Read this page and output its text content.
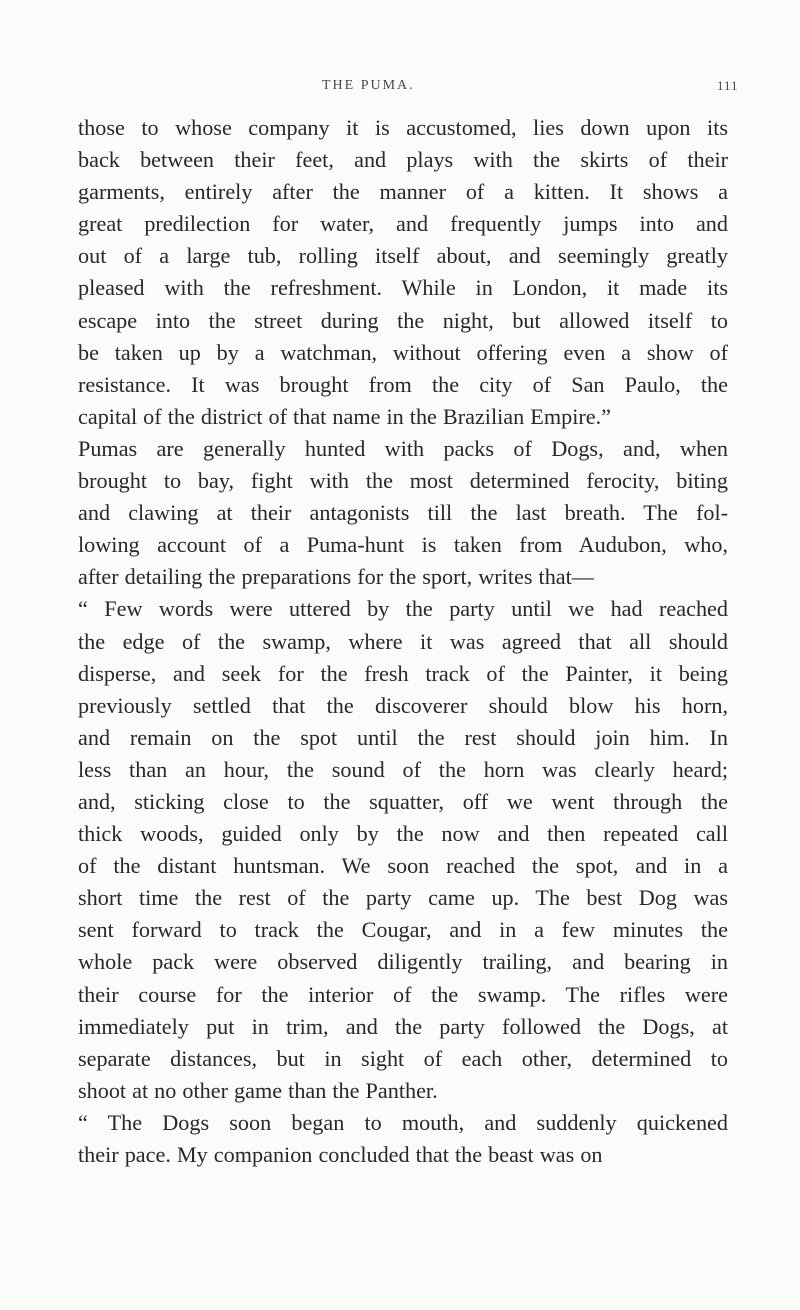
THE PUMA.	111
those to whose company it is accustomed, lies down upon its
back between their feet, and plays with the skirts of their
garments, entirely after the manner of a kitten. It shows a
great predilection for water, and frequently jumps into and
out of a large tub, rolling itself about, and seemingly greatly
pleased with the refreshment. While in London, it made its
escape into the street during the night, but allowed itself to
be taken up by a watchman, without offering even a show of
resistance. It was brought from the city of San Paulo, the
capital of the district of that name in the Brazilian Empire.”
Pumas are generally hunted with packs of Dogs, and, when
brought to bay, fight with the most determined ferocity, biting
and clawing at their antagonists till the last breath. The fol-
lowing account of a Puma-hunt is taken from Audubon, who,
after detailing the preparations for the sport, writes that—
“ Few words were uttered by the party until we had reached
the edge of the swamp, where it was agreed that all should
disperse, and seek for the fresh track of the Painter, it being
previously settled that the discoverer should blow his horn,
and remain on the spot until the rest should join him. In
less than an hour, the sound of the horn was clearly heard;
and, sticking close to the squatter, off we went through the
thick woods, guided only by the now and then repeated call
of the distant huntsman. We soon reached the spot, and in a
short time the rest of the party came up. The best Dog was
sent forward to track the Cougar, and in a few minutes the
whole pack were observed diligently trailing, and bearing in
their course for the interior of the swamp. The rifles were
immediately put in trim, and the party followed the Dogs, at
separate distances, but in sight of each other, determined to
shoot at no other game than the Panther.
“ The Dogs soon began to mouth, and suddenly quickened
their pace. My companion concluded that the beast was on
